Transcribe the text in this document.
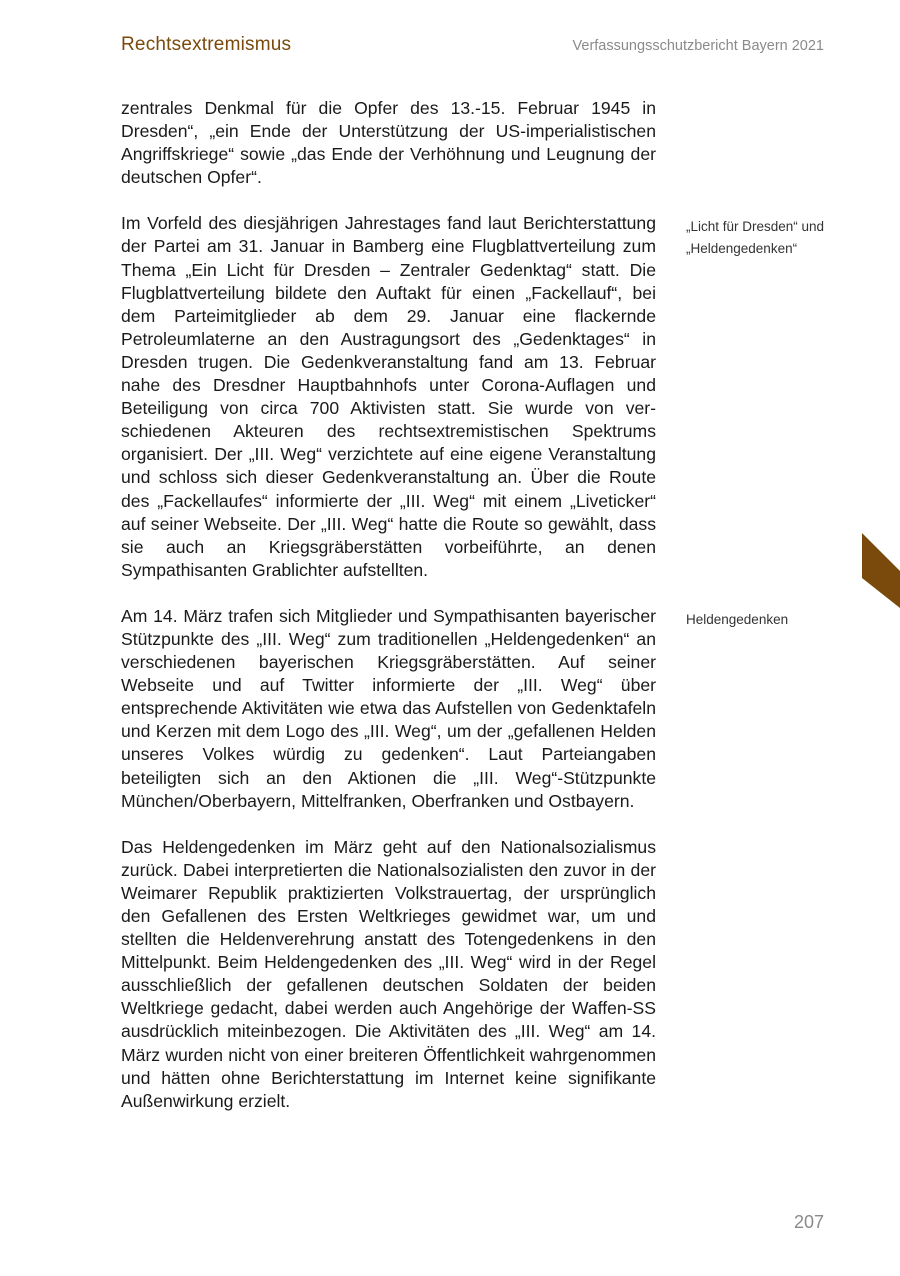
Rechtsextremismus	Verfassungsschutzbericht Bayern 2021

zentrales Denkmal für die Opfer des 13.-15. Februar 1945 in Dresden“, „ein Ende der Unterstützung der US-imperialistischen Angriffskriege“ sowie „das Ende der Verhöhnung und Leugnung der deutschen Opfer“.

Im Vorfeld des diesjährigen Jahrestages fand laut Berichterstattung der Partei am 31. Januar in Bamberg eine Flugblattverteilung zum Thema „Ein Licht für Dresden – Zentraler Gedenktag“ statt. Die Flugblattverteilung bildete den Auftakt für einen „Fackellauf“, bei dem Parteimitglieder ab dem 29. Januar eine flackernde Petroleumlaterne an den Austragungsort des „Gedenktages“ in Dresden trugen. Die Gedenkveranstaltung fand am 13. Februar nahe des Dresdner Hauptbahnhofs unter Corona-Auflagen und Beteiligung von circa 700 Aktivisten statt. Sie wurde von verschiedenen Akteuren des rechtsextremistischen Spektrums organisiert. Der „III. Weg“ verzichtete auf eine eigene Veranstaltung und schloss sich dieser Gedenkveranstaltung an. Über die Route des „Fackellaufes“ informierte der „III. Weg“ mit einem „Liveticker“ auf seiner Webseite. Der „III. Weg“ hatte die Route so gewählt, dass sie auch an Kriegsgräberstätten vorbeiführte, an denen Sympathisanten Grablichter aufstellten.

Am 14. März trafen sich Mitglieder und Sympathisanten bayerischer Stützpunkte des „III. Weg“ zum traditionellen „Heldengedenken“ an verschiedenen bayerischen Kriegsgräberstätten. Auf seiner Webseite und auf Twitter informierte der „III. Weg“ über entsprechende Aktivitäten wie etwa das Aufstellen von Gedenktafeln und Kerzen mit dem Logo des „III. Weg“, um der „gefallenen Helden unseres Volkes würdig zu gedenken“. Laut Parteiangaben beteiligten sich an den Aktionen die „III. Weg“-Stützpunkte München/Oberbayern, Mittelfranken, Oberfranken und Ostbayern.

Das Heldengedenken im März geht auf den Nationalsozialismus zurück. Dabei interpretierten die Nationalsozialisten den zuvor in der Weimarer Republik praktizierten Volkstrauertag, der ursprünglich den Gefallenen des Ersten Weltkrieges gewidmet war, um und stellten die Heldenverehrung anstatt des Totengedenkens in den Mittelpunkt. Beim Heldengedenken des „III. Weg“ wird in der Regel ausschließlich der gefallenen deutschen Soldaten der beiden Weltkriege gedacht, dabei werden auch Angehörige der Waffen-SS ausdrücklich miteinbezogen. Die Aktivitäten des „III. Weg“ am 14. März wurden nicht von einer breiteren Öffentlichkeit wahrgenommen und hätten ohne Berichterstattung im Internet keine signifikante Außenwirkung erzielt.

„Licht für Dresden“ und „Heldengedenken“
Heldengedenken
207
